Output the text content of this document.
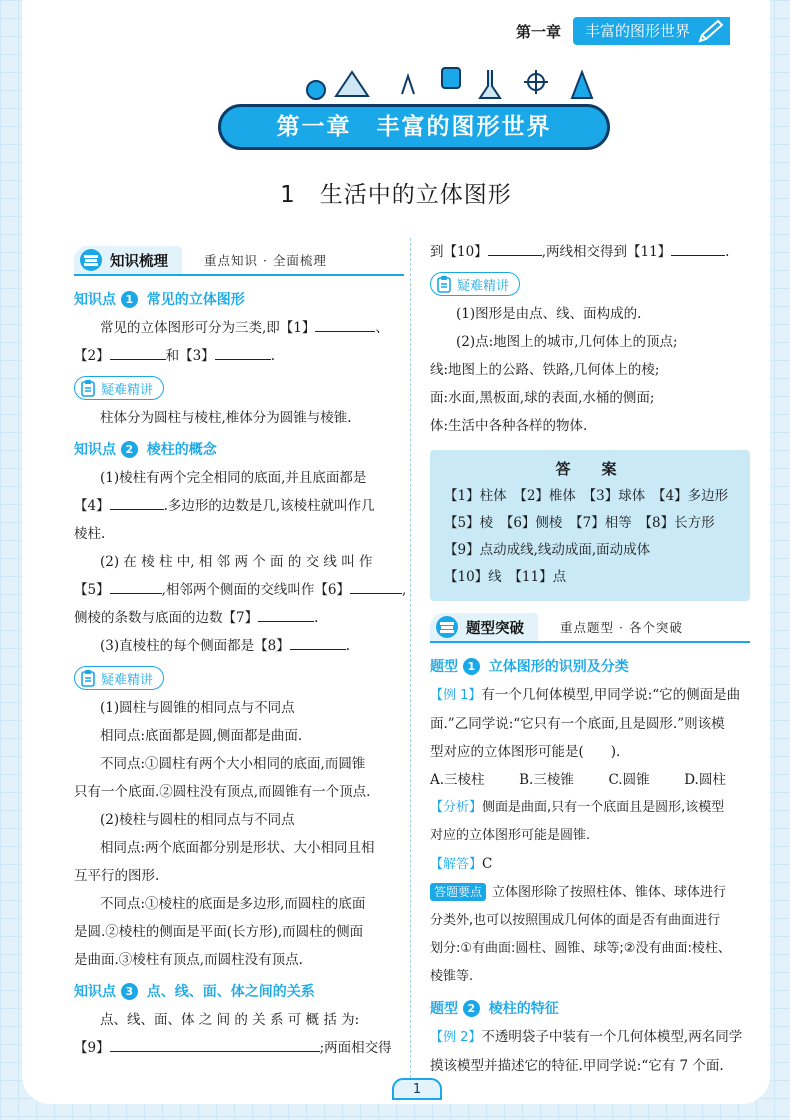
第一章	丰富的图形世界
第一章　丰富的图形世界
1　生活中的立体图形
知识梳理	重点知识 · 全面梳理
知识点 1 常见的立体图形
常见的立体图形可分为三类,即【1】	、
【2】	和【3】	.
疑难精讲
柱体分为圆柱与棱柱,椎体分为圆锥与棱锥.
知识点 2 棱柱的概念
(1)棱柱有两个完全相同的底面,并且底面都是
【4】	.多边形的边数是几,该棱柱就叫作几
棱柱.
(2) 在 棱 柱 中, 相 邻 两 个 面 的 交 线 叫 作
【5】	,相邻两个侧面的交线叫作【6】	,
侧棱的条数与底面的边数【7】	.
(3)直棱柱的每个侧面都是【8】	.
疑难精讲
(1)圆柱与圆锥的相同点与不同点
相同点:底面都是圆,侧面都是曲面.
不同点:①圆柱有两个大小相同的底面,而圆锥
只有一个底面.②圆柱没有顶点,而圆锥有一个顶点.
(2)棱柱与圆柱的相同点与不同点
相同点:两个底面都分别是形状、大小相同且相
互平行的图形.
不同点:①棱柱的底面是多边形,而圆柱的底面
是圆.②棱柱的侧面是平面(长方形),而圆柱的侧面
是曲面.③棱柱有顶点,而圆柱没有顶点.
知识点 3 点、线、面、体之间的关系
点、线、面、体 之 间 的 关 系 可 概 括 为:
【9】	;两面相交得
到【10】	,两线相交得到【11】	.
疑难精讲
(1)图形是由点、线、面构成的.
(2)点:地图上的城市,几何体上的顶点;
线:地图上的公路、铁路,几何体上的棱;
面:水面,黑板面,球的表面,水桶的侧面;
体:生活中各种各样的物体.
答　案
【1】柱体　【2】椎体　【3】球体　【4】多边形
【5】棱　【6】侧棱　【7】相等　【8】长方形
【9】点动成线,线动成面,面动成体
【10】线　【11】点
题型突破	重点题型 · 各个突破
题型 1 立体图形的识别及分类
【例 1】有一个几何体模型,甲同学说:“它的侧面是曲
面.”乙同学说:“它只有一个底面,且是圆形.”则该模
型对应的立体图形可能是(　　).
A.三棱柱	B.三棱锥	C.圆锥	D.圆柱
【分析】侧面是曲面,只有一个底面且是圆形,该模型
对应的立体图形可能是圆锥.
【解答】C
答题要点 立体图形除了按照柱体、锥体、球体进行
分类外,也可以按照围成几何体的面是否有曲面进行
划分:①有曲面:圆柱、圆锥、球等;②没有曲面:棱柱、
棱锥等.
题型 2 棱柱的特征
【例 2】不透明袋子中装有一个几何体模型,两名同学
摸该模型并描述它的特征.甲同学说:“它有 7 个面.
1
